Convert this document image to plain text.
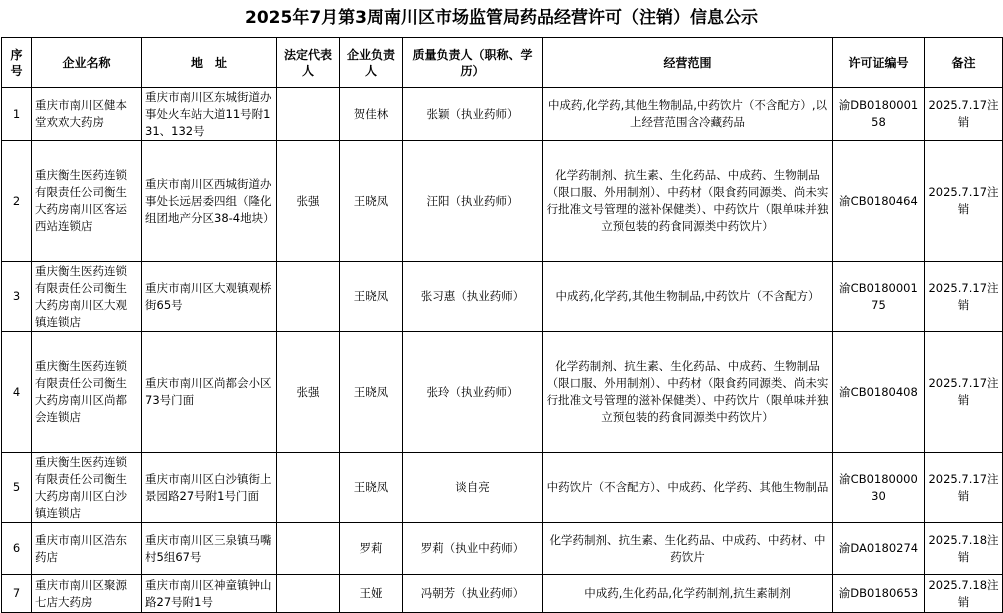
2025年7月第3周南川区市场监管局药品经营许可（注销）信息公示
序号	企业名称	地　址	法定代表人	企业负责人	质量负责人（职称、学历）	经营范围	许可证编号	备注
1	重庆市南川区健本堂欢欢大药房	重庆市南川区东城街道办事处火车站大道11号附131、132号		贺佳林	张颖（执业药师）	中成药,化学药,其他生物制品,中药饮片（不含配方）,以上经营范围含冷藏药品	渝DB018000158	2025.7.17注销
2	重庆衡生医药连锁有限责任公司衡生大药房南川区客运西站连锁店	重庆市南川区西城街道办事处长远居委四组（隆化组团地产分区38-4地块）	张强	王晓凤	汪阳（执业药师）	化学药制剂、抗生素、生化药品、中成药、生物制品（限口服、外用制剂）、中药材（限食药同源类、尚未实行批准文号管理的滋补保健类）、中药饮片（限单味并独立预包装的药食同源类中药饮片）	渝CB0180464	2025.7.17注销
3	重庆衡生医药连锁有限责任公司衡生大药房南川区大观镇连锁店	重庆市南川区大观镇观桥街65号		王晓凤	张习惠（执业药师）	中成药,化学药,其他生物制品,中药饮片（不含配方）	渝CB018000175	2025.7.17注销
4	重庆衡生医药连锁有限责任公司衡生大药房南川区尚都会连锁店	重庆市南川区尚都会小区73号门面	张强	王晓凤	张玲（执业药师）	化学药制剂、抗生素、生化药品、中成药、生物制品（限口服、外用制剂）、中药材（限食药同源类、尚未实行批准文号管理的滋补保健类）、中药饮片（限单味并独立预包装的药食同源类中药饮片）	渝CB0180408	2025.7.17注销
5	重庆衡生医药连锁有限责任公司衡生大药房南川区白沙镇连锁店	重庆市南川区白沙镇街上景园路27号附1号门面		王晓凤	谈自亮	中药饮片（不含配方）、中成药、化学药、其他生物制品	渝CB018000030	2025.7.17注销
6	重庆市南川区浩东药店	重庆市南川区三泉镇马嘴村5组67号		罗莉	罗莉（执业中药师）	化学药制剂、抗生素、生化药品、中成药、中药材、中药饮片	渝DA0180274	2025.7.18注销
7	重庆市南川区聚源七店大药房	重庆市南川区神童镇钟山路27号附1号		王娅	冯朝芳（执业药师）	中成药,生化药品,化学药制剂,抗生素制剂	渝DB0180653	2025.7.18注销
